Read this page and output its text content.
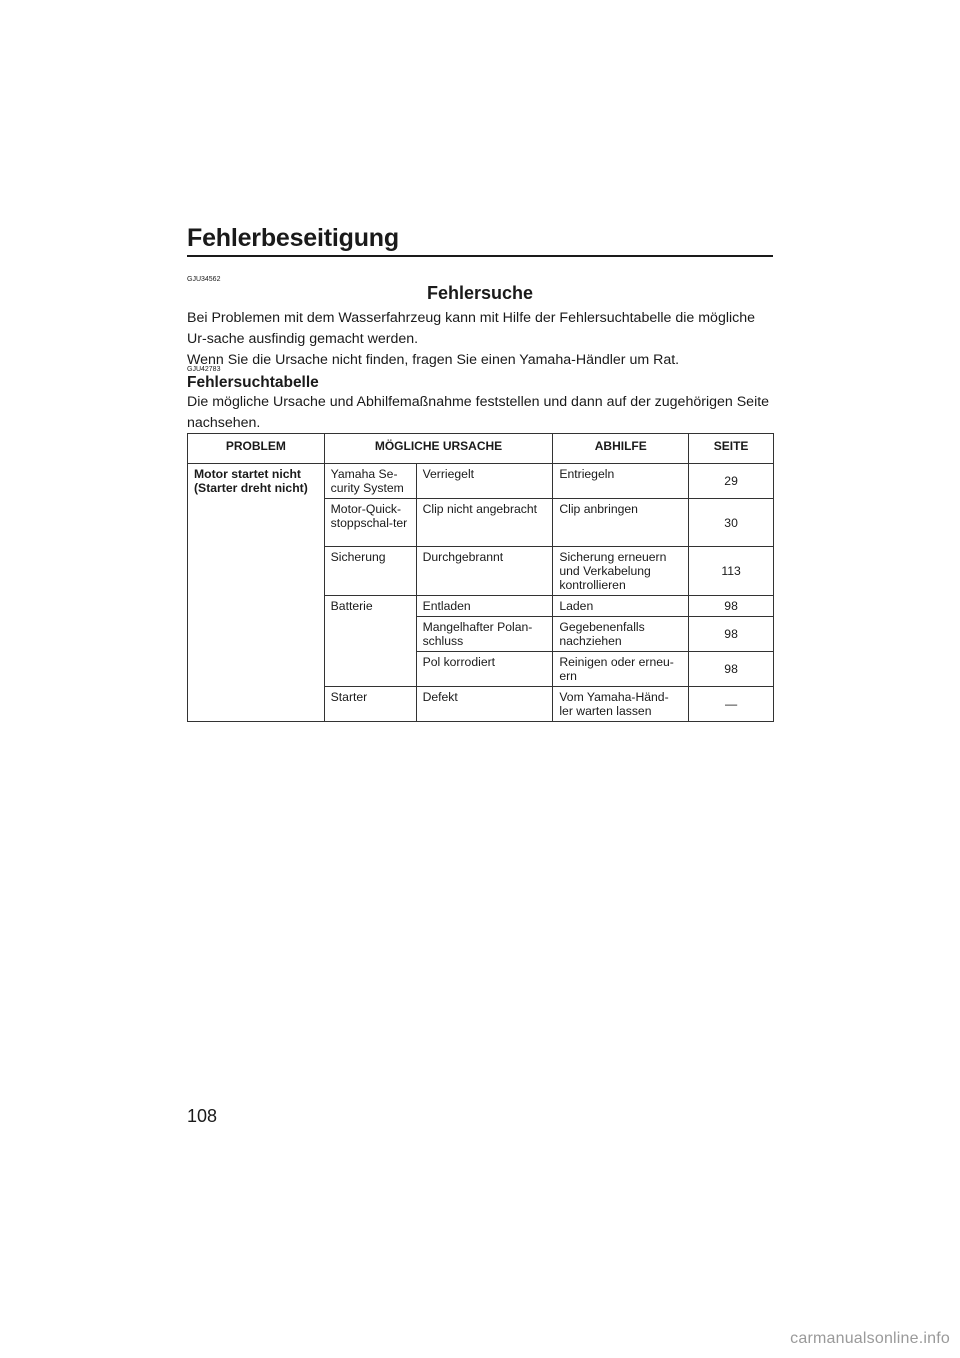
Fehlerbeseitigung
GJU34562
Fehlersuche
Bei Problemen mit dem Wasserfahrzeug kann mit Hilfe der Fehlersuchtabelle die mögliche Ur-sache ausfindig gemacht werden.
Wenn Sie die Ursache nicht finden, fragen Sie einen Yamaha-Händler um Rat.
GJU42783
Fehlersuchtabelle
Die mögliche Ursache und Abhilfemaßnahme feststellen und dann auf der zugehörigen Seite nachsehen.
PROBLEM	MÖGLICHE URSACHE		ABHILFE	SEITE
Motor startet nicht (Starter dreht nicht)	Yamaha Se-curity System	Verriegelt	Entriegeln	29
	Motor-Quick-stoppschal-ter	Clip nicht angebracht	Clip anbringen	30
	Sicherung	Durchgebrannt	Sicherung erneuern und Verkabelung kontrollieren	113
	Batterie	Entladen	Laden	98
		Mangelhafter Polan-schluss	Gegebenenfalls nachziehen	98
		Pol korrodiert	Reinigen oder erneu-ern	98
	Starter	Defekt	Vom Yamaha-Händ-ler warten lassen	—
108
carmanualsonline.info
